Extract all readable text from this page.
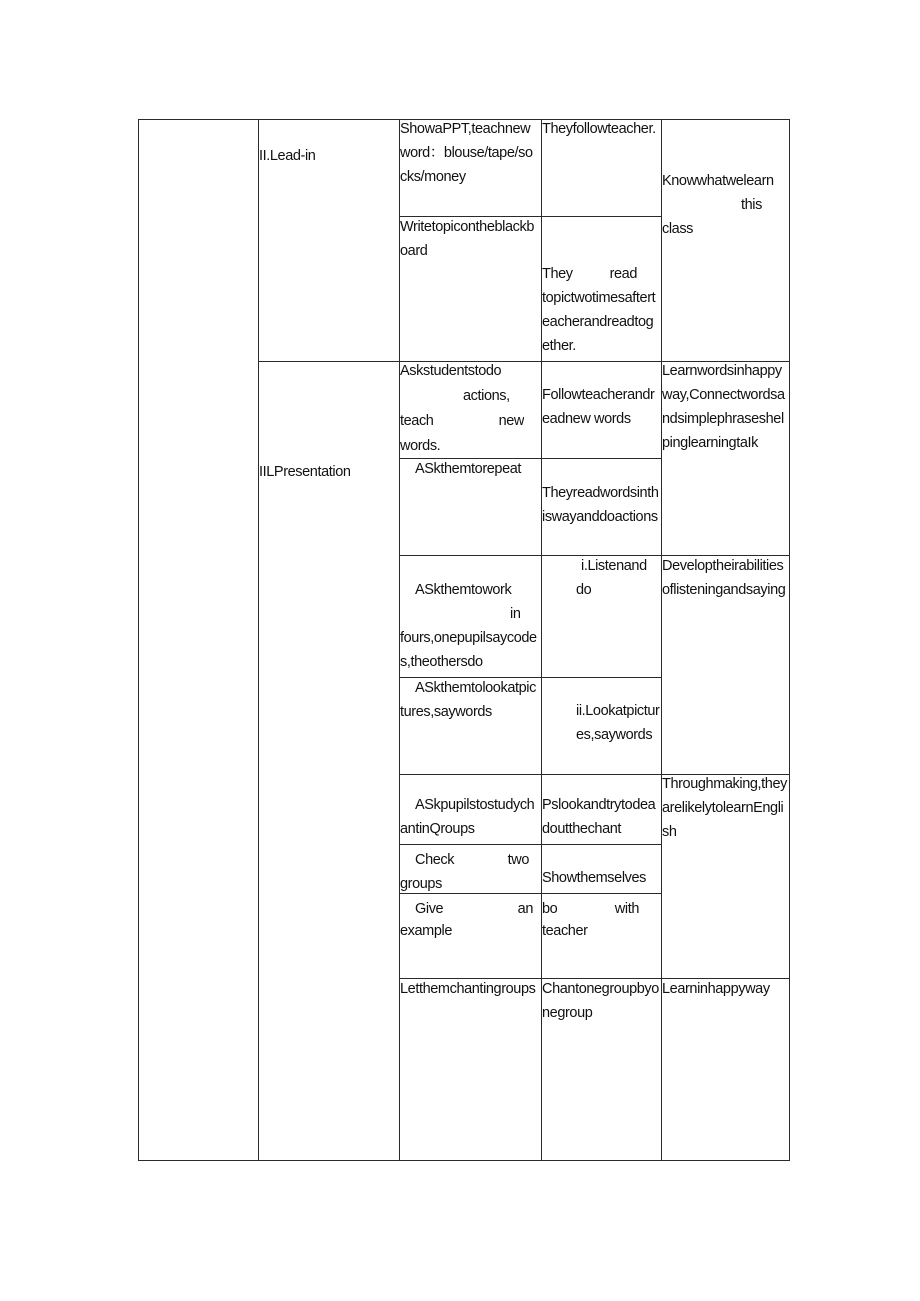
II.Lead-in
IILPresentation
ShowaPPT,teachnewword：blouse/tape/socks/money
Theyfollowteacher.
Writetopicontheblackboard
They read
topictwotimesafterteacherandreadtogether.
Knowwhatwelearn
this
class
Askstudentstodo
actions,
teach new
words.
Followteacherandreadnew words
Learnwordsinhappyway,ConnectwordsandsimplephraseshelpinglearningtaIk
ASkthemtorepeat
Theyreadwordsinthiswayanddoactions
ASkthemtowork
in
fours,onepupilsaycodes,theothersdo
i.Listenand
do
Developtheirabilitiesoflisteningandsaying
ASkthemtolookatpictures,saywords	ii.Lookatpictures,saywords
ASkpupilstostudychantinQroups
Pslookandtrytodeadoutthechant
Throughmaking,theyarelikelytolearnEnglish
Check two
groups	Showthemselves
Give an
example
bo with
teacher
Letthemchantingroups Chantonegroupbyonegroup
Learninhappyway
